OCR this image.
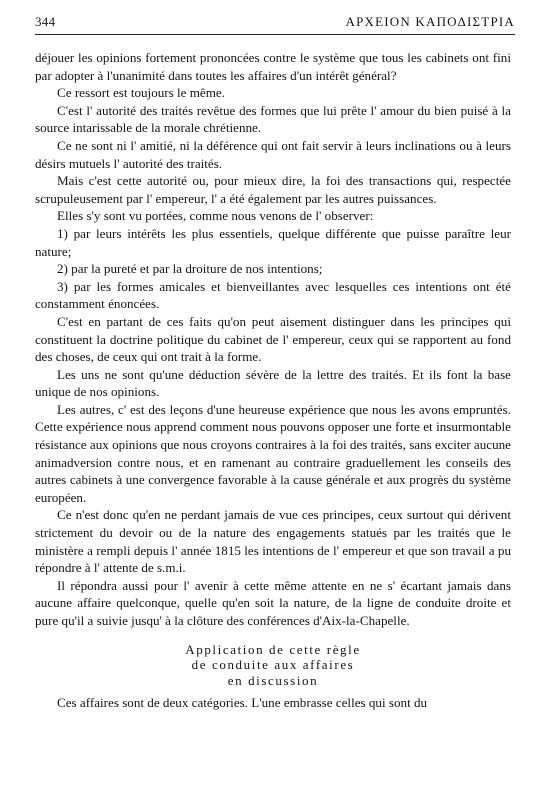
344	ΑΡΧΕΙΟΝ ΚΑΠΟΔΙΣΤΡΙΑ

déjouer les opinions fortement prononcées contre le système que tous les cabinets ont fini par adopter à l'unanimité dans toutes les affaires d'un intérêt général?

Ce ressort est toujours le même.

C'est l' autorité des traités revêtue des formes que lui prête l' amour du bien puisé à la source intarissable de la morale chrétienne.

Ce ne sont ni l' amitié, ni la déférence qui ont fait servir à leurs inclinations ou à leurs désirs mutuels l' autorité des traités.

Mais c'est cette autorité ou, pour mieux dire, la foi des transactions qui, respectée scrupuleusement par l' empereur, l' a été également par les autres puissances.

Elles s'y sont vu portées, comme nous venons de l' observer:

1) par leurs intérêts les plus essentiels, quelque différente que puisse paraître leur nature;

2) par la pureté et par la droiture de nos intentions;

3) par les formes amicales et bienveillantes avec lesquelles ces intentions ont été constamment énoncées.

C'est en partant de ces faits qu'on peut aisement distinguer dans les principes qui constituent la doctrine politique du cabinet de l' empereur, ceux qui se rapportent au fond des choses, de ceux qui ont trait à la forme.

Les uns ne sont qu'une déduction sévère de la lettre des traités. Et ils font la base unique de nos opinions.

Les autres, c' est des leçons d'une heureuse expérience que nous les avons empruntés. Cette expérience nous apprend comment nous pouvons opposer une forte et insurmontable résistance aux opinions que nous croyons contraires à la foi des traités, sans exciter aucune animadversion contre nous, et en ramenant au contraire graduellement les conseils des autres cabinets à une convergence favorable à la cause générale et aux progrès du système européen.

Ce n'est donc qu'en ne perdant jamais de vue ces principes, ceux surtout qui dérivent strictement du devoir ou de la nature des engagements statués par les traités que le ministère a rempli depuis l' année 1815 les intentions de l' empereur et que son travail a pu répondre à l' attente de s.m.i.

Il répondra aussi pour l' avenir à cette même attente en ne s' écartant jamais dans aucune affaire quelconque, quelle qu'en soit la nature, de la ligne de conduite droite et pure qu'il a suivie jusqu' à la clôture des conférences d'Aix-la-Chapelle.

Application de cette règle
de conduite aux affaires
en discussion

Ces affaires sont de deux catégories. L'une embrasse celles qui sont du
